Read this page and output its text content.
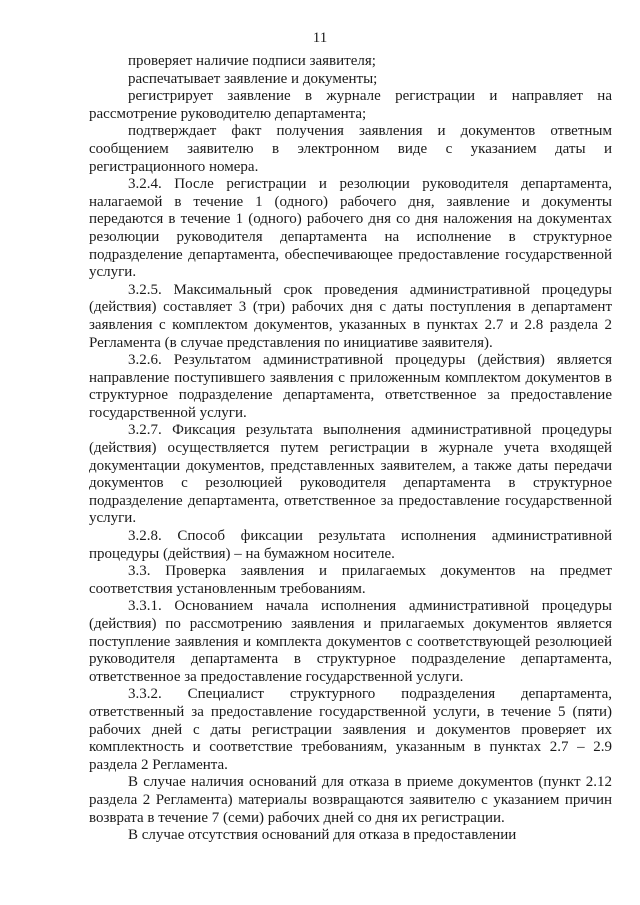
11

проверяет наличие подписи заявителя;

распечатывает заявление и документы;

регистрирует заявление в журнале регистрации и направляет на рассмотрение руководителю департамента;

подтверждает факт получения заявления и документов ответным сообщением заявителю в электронном виде с указанием даты и регистрационного номера.

3.2.4. После регистрации и резолюции руководителя департамента, налагаемой в течение 1 (одного) рабочего дня, заявление и документы передаются в течение 1 (одного) рабочего дня со дня наложения на документах резолюции руководителя департамента на исполнение в структурное подразделение департамента, обеспечивающее предоставление государственной услуги.

3.2.5. Максимальный срок проведения административной процедуры (действия) составляет 3 (три) рабочих дня с даты поступления в департамент заявления с комплектом документов, указанных в пунктах 2.7 и 2.8 раздела 2 Регламента (в случае представления по инициативе заявителя).

3.2.6. Результатом административной процедуры (действия) является направление поступившего заявления с приложенным комплектом документов в структурное подразделение департамента, ответственное за предоставление государственной услуги.

3.2.7. Фиксация результата выполнения административной процедуры (действия) осуществляется путем регистрации в журнале учета входящей документации документов, представленных заявителем, а также даты передачи документов с резолюцией руководителя департамента в структурное подразделение департамента, ответственное за предоставление государственной услуги.

3.2.8. Способ фиксации результата исполнения административной процедуры (действия) – на бумажном носителе.

3.3. Проверка заявления и прилагаемых документов на предмет соответствия установленным требованиям.

3.3.1. Основанием начала исполнения административной процедуры (действия) по рассмотрению заявления и прилагаемых документов является поступление заявления и комплекта документов с соответствующей резолюцией руководителя департамента в структурное подразделение департамента, ответственное за предоставление государственной услуги.

3.3.2. Специалист структурного подразделения департамента, ответственный за предоставление государственной услуги, в течение 5 (пяти) рабочих дней с даты регистрации заявления и документов проверяет их комплектность и соответствие требованиям, указанным в пунктах 2.7 – 2.9 раздела 2 Регламента.

В случае наличия оснований для отказа в приеме документов (пункт 2.12 раздела 2 Регламента) материалы возвращаются заявителю с указанием причин возврата в течение 7 (семи) рабочих дней со дня их регистрации.

В случае отсутствия оснований для отказа в предоставлении
